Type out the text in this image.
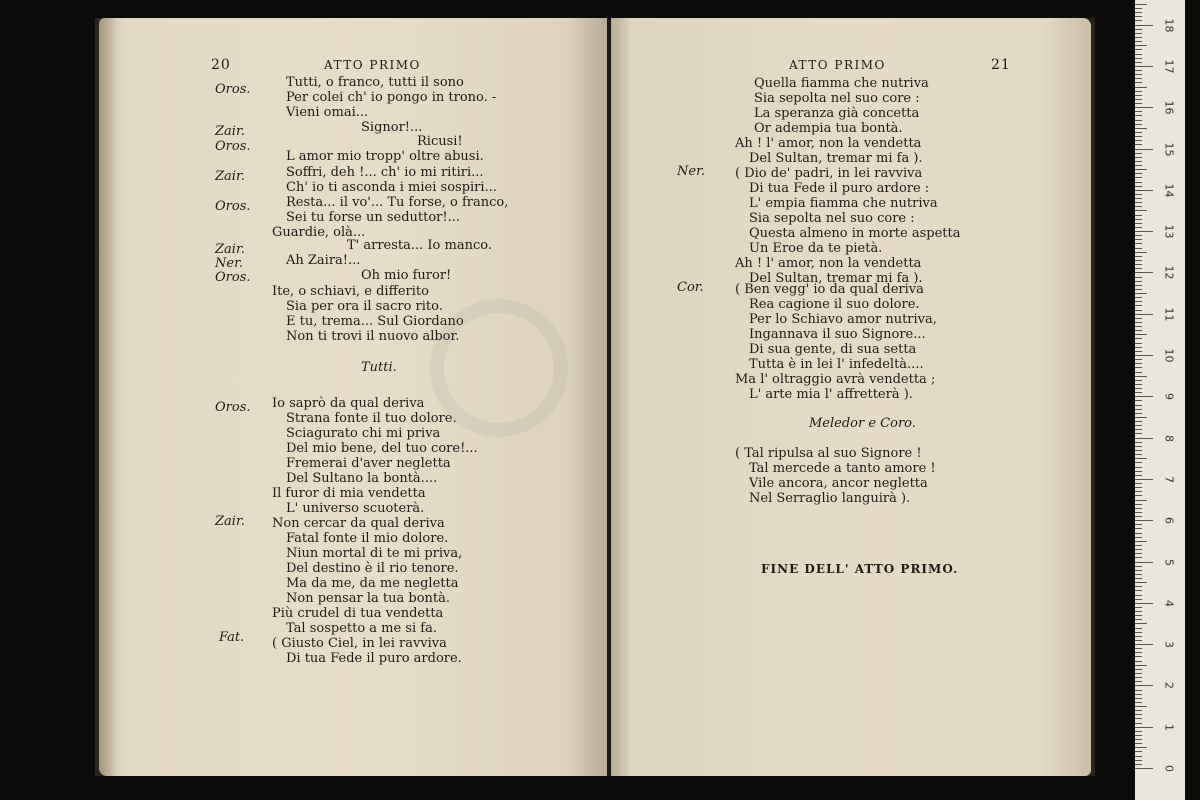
20	ATTO PRIMO
Oros.
Zair.
Oros.
Zair.
Oros.
Zair.
Ner.
Oros.
Oros.
Zair.
Fat.
Tutti, o franco, tutti il sono
Per colei ch' io pongo in trono. -
Vieni omai...
Signor!...
Ricusi!
L amor mio tropp' oltre abusi.
Soffri, deh !... ch' io mi ritiri...
Ch' io ti asconda i miei sospiri...
Resta... il vo'... Tu forse, o franco,
Sei tu forse un seduttor!...
Guardie, olà...
T' arresta... Io manco.
Ah Zaira!...
Oh mio furor!
Ite, o schiavi, e differito
Sia per ora il sacro rito.
E tu, trema... Sul Giordano
Non ti trovi il nuovo albor.
Tutti.
Io saprò da qual deriva
Strana fonte il tuo dolore.
Sciagurato chi mi priva
Del mio bene, del tuo core!...
Fremerai d'aver negletta
Del Sultano la bontà....
Il furor di mia vendetta
L' universo scuoterà.
Non cercar da qual deriva
Fatal fonte il mio dolore.
Niun mortal di te mi priva,
Del destino è il rio tenore.
Ma da me, da me negletta
Non pensar la tua bontà.
Più crudel di tua vendetta
Tal sospetto a me si fa.
( Giusto Ciel, in lei ravviva
Di tua Fede il puro ardore.
ATTO PRIMO	21
Ner.
Cor.
Quella fiamma che nutriva
Sia sepolta nel suo core :
La speranza già concetta
Or adempia tua bontà.
Ah ! l' amor, non la vendetta
Del Sultan, tremar mi fa ).
( Dio de' padri, in lei ravviva
Di tua Fede il puro ardore :
L' empia fiamma che nutriva
Sia sepolta nel suo core :
Questa almeno in morte aspetta
Un Eroe da te pietà.
Ah ! l' amor, non la vendetta
Del Sultan, tremar mi fa ).
( Ben vegg' io da qual deriva
Rea cagione il suo dolore.
Per lo Schiavo amor nutriva,
Ingannava il suo Signore...
Di sua gente, di sua setta
Tutta è in lei l' infedeltà....
Ma l' oltraggio avrà vendetta ;
L' arte mia l' affretterà ).
Meledor e Coro.
( Tal ripulsa al suo Signore !
Tal mercede a tanto amore !
Vile ancora, ancor negletta
Nel Serraglio languirà ).
FINE DELL' ATTO PRIMO.
0
1
2
3
4
5
6
7
8
9
10
11
12
13
14
15
16
17
18
